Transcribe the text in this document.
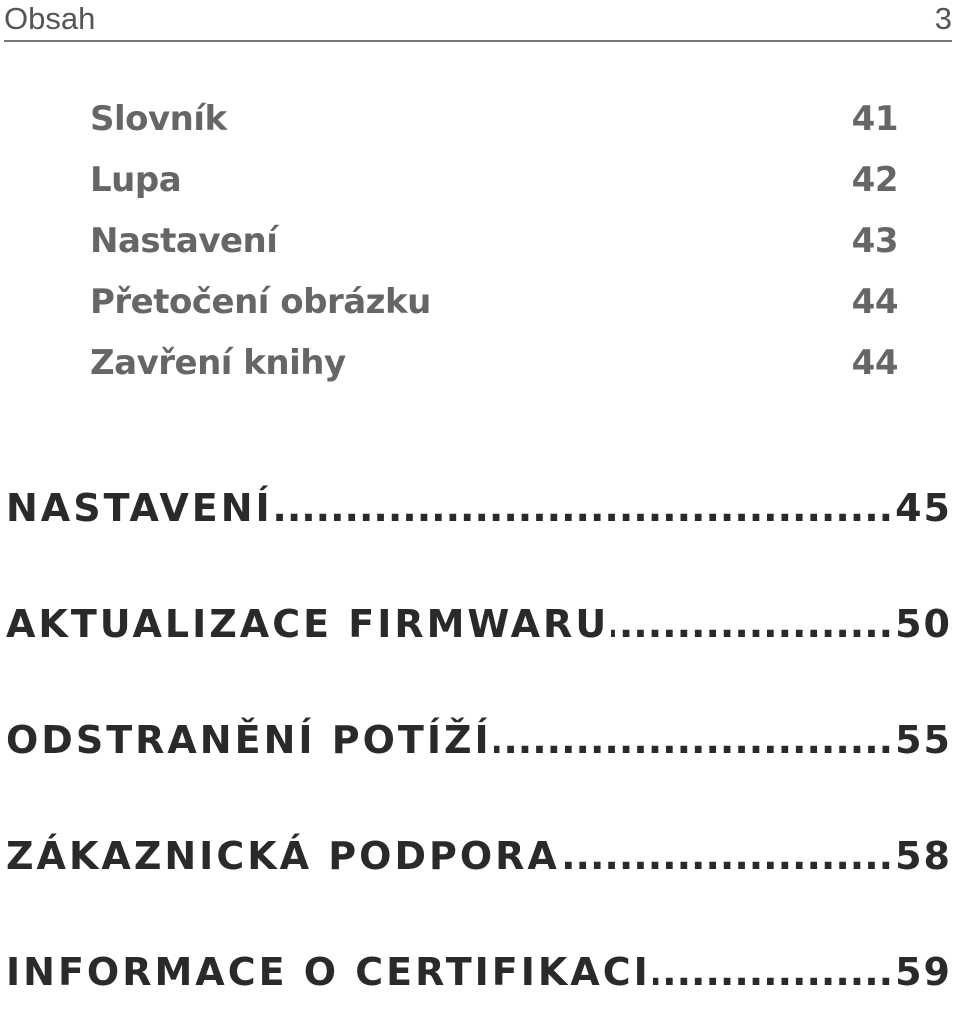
Obsah	3
Slovník	41
Lupa	42
Nastavení	43
Přetočení obrázku	44
Zavření knihy	44
NASTAVENÍ .....	45
AKTUALIZACE FIRMWARU .....	50
ODSTRANĚNÍ POTÍŽÍ .....	55
ZÁKAZNICKÁ PODPORA .....	58
INFORMACE O CERTIFIKACI .....	59
